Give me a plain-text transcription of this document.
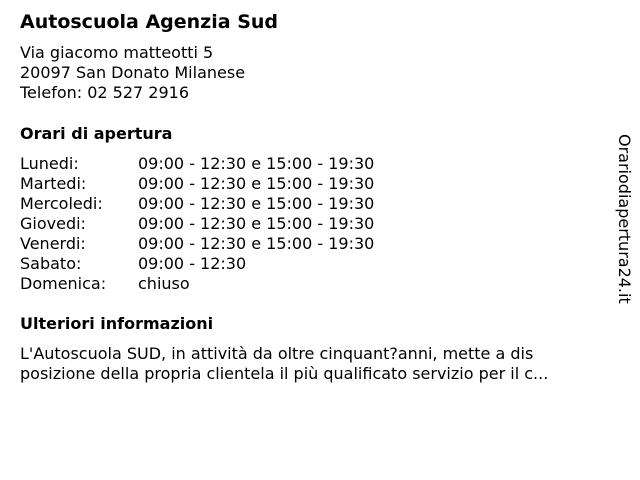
Autoscuola Agenzia Sud
Via giacomo matteotti 5
20097 San Donato Milanese
Telefon: 02 527 2916
Orari di apertura
Lunedi:	09:00 - 12:30 e 15:00 - 19:30
Martedi:	09:00 - 12:30 e 15:00 - 19:30
Mercoledi:	09:00 - 12:30 e 15:00 - 19:30
Giovedi:	09:00 - 12:30 e 15:00 - 19:30
Venerdi:	09:00 - 12:30 e 15:00 - 19:30
Sabato:	09:00 - 12:30
Domenica:	chiuso
Ulteriori informazioni
L'Autoscuola SUD, in attività da oltre cinquant?anni, mette a dis
posizione della propria clientela il più qualificato servizio per il c...
Orariodiapertura24.it
